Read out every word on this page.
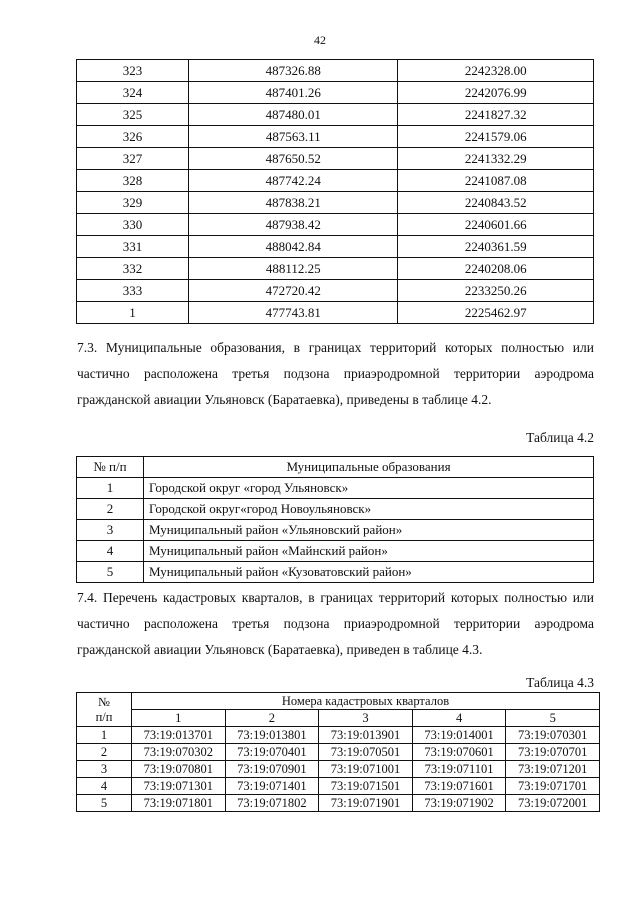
42
323	487326.88	2242328.00
324	487401.26	2242076.99
325	487480.01	2241827.32
326	487563.11	2241579.06
327	487650.52	2241332.29
328	487742.24	2241087.08
329	487838.21	2240843.52
330	487938.42	2240601.66
331	488042.84	2240361.59
332	488112.25	2240208.06
333	472720.42	2233250.26
1	477743.81	2225462.97
7.3. Муниципальные образования, в границах территорий которых полностью или частично расположена третья подзона приаэродромной территории аэродрома гражданской авиации Ульяновск (Баратаевка), приведены в таблице 4.2.
Таблица 4.2
№ п/п	Муниципальные образования
1	Городской округ «город Ульяновск»
2	Городской округ«город Новоульяновск»
3	Муниципальный район «Ульяновский район»
4	Муниципальный район «Майнский район»
5	Муниципальный район «Кузоватовский район»
7.4. Перечень кадастровых кварталов, в границах территорий которых полностью или частично расположена третья подзона приаэродромной территории аэродрома гражданской авиации Ульяновск (Баратаевка), приведен в таблице 4.3.
Таблица 4.3
№
п/п	Номера кадастровых кварталов				
	1	2	3	4	5
1	73:19:013701	73:19:013801	73:19:013901	73:19:014001	73:19:070301
2	73:19:070302	73:19:070401	73:19:070501	73:19:070601	73:19:070701
3	73:19:070801	73:19:070901	73:19:071001	73:19:071101	73:19:071201
4	73:19:071301	73:19:071401	73:19:071501	73:19:071601	73:19:071701
5	73:19:071801	73:19:071802	73:19:071901	73:19:071902	73:19:072001
